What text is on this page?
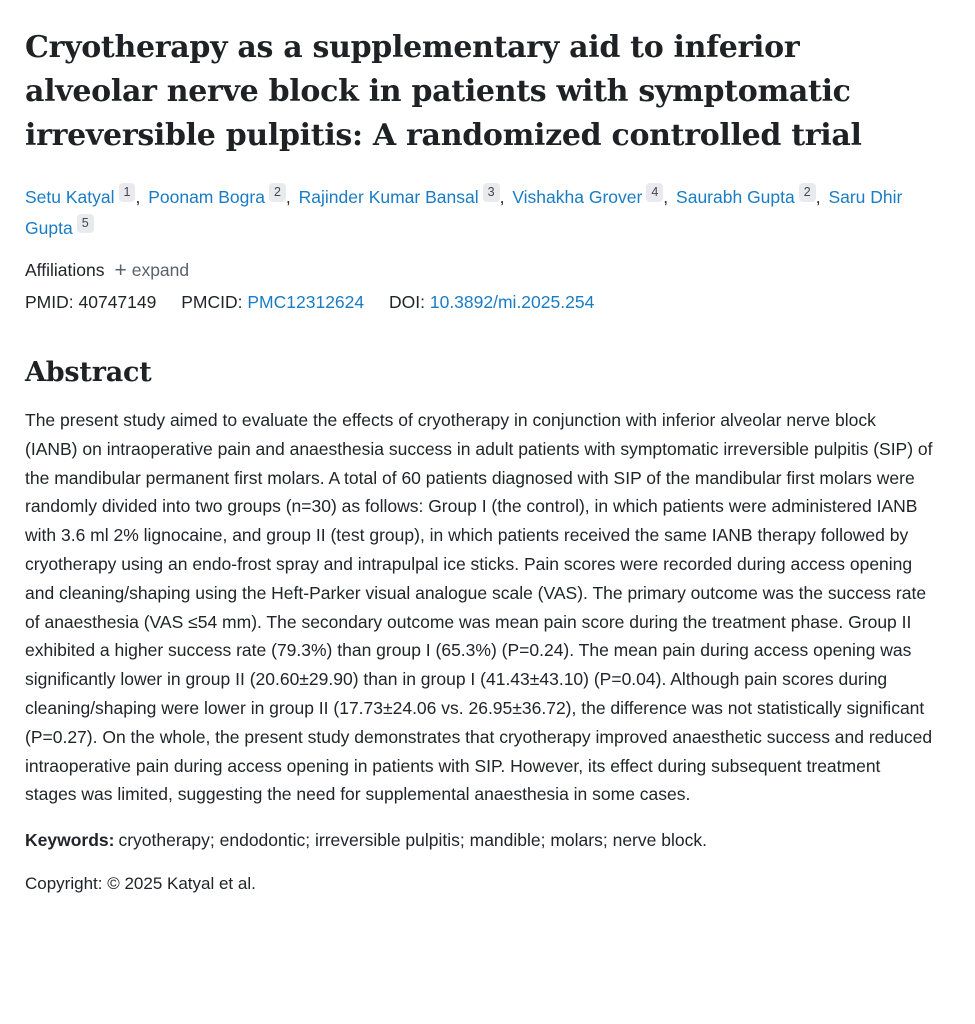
Cryotherapy as a supplementary aid to inferior alveolar nerve block in patients with symptomatic irreversible pulpitis: A randomized controlled trial
Setu Katyal 1 , Poonam Bogra 2 , Rajinder Kumar Bansal 3 , Vishakha Grover 4 , Saurabh Gupta 2 , Saru Dhir Gupta 5
Affiliations + expand
PMID: 40747149 PMCID: PMC12312624 DOI: 10.3892/mi.2025.254
Abstract

The present study aimed to evaluate the effects of cryotherapy in conjunction with inferior alveolar nerve block (IANB) on intraoperative pain and anaesthesia success in adult patients with symptomatic irreversible pulpitis (SIP) of the mandibular permanent first molars. A total of 60 patients diagnosed with SIP of the mandibular first molars were randomly divided into two groups (n=30) as follows: Group I (the control), in which patients were administered IANB with 3.6 ml 2% lignocaine, and group II (test group), in which patients received the same IANB therapy followed by cryotherapy using an endo-frost spray and intrapulpal ice sticks. Pain scores were recorded during access opening and cleaning/shaping using the Heft-Parker visual analogue scale (VAS). The primary outcome was the success rate of anaesthesia (VAS ≤54 mm). The secondary outcome was mean pain score during the treatment phase. Group II exhibited a higher success rate (79.3%) than group I (65.3%) (P=0.24). The mean pain during access opening was significantly lower in group II (20.60±29.90) than in group I (41.43±43.10) (P=0.04). Although pain scores during cleaning/shaping were lower in group II (17.73±24.06 vs. 26.95±36.72), the difference was not statistically significant (P=0.27). On the whole, the present study demonstrates that cryotherapy improved anaesthetic success and reduced intraoperative pain during access opening in patients with SIP. However, its effect during subsequent treatment stages was limited, suggesting the need for supplemental anaesthesia in some cases.

Keywords: cryotherapy; endodontic; irreversible pulpitis; mandible; molars; nerve block.

Copyright: © 2025 Katyal et al.
